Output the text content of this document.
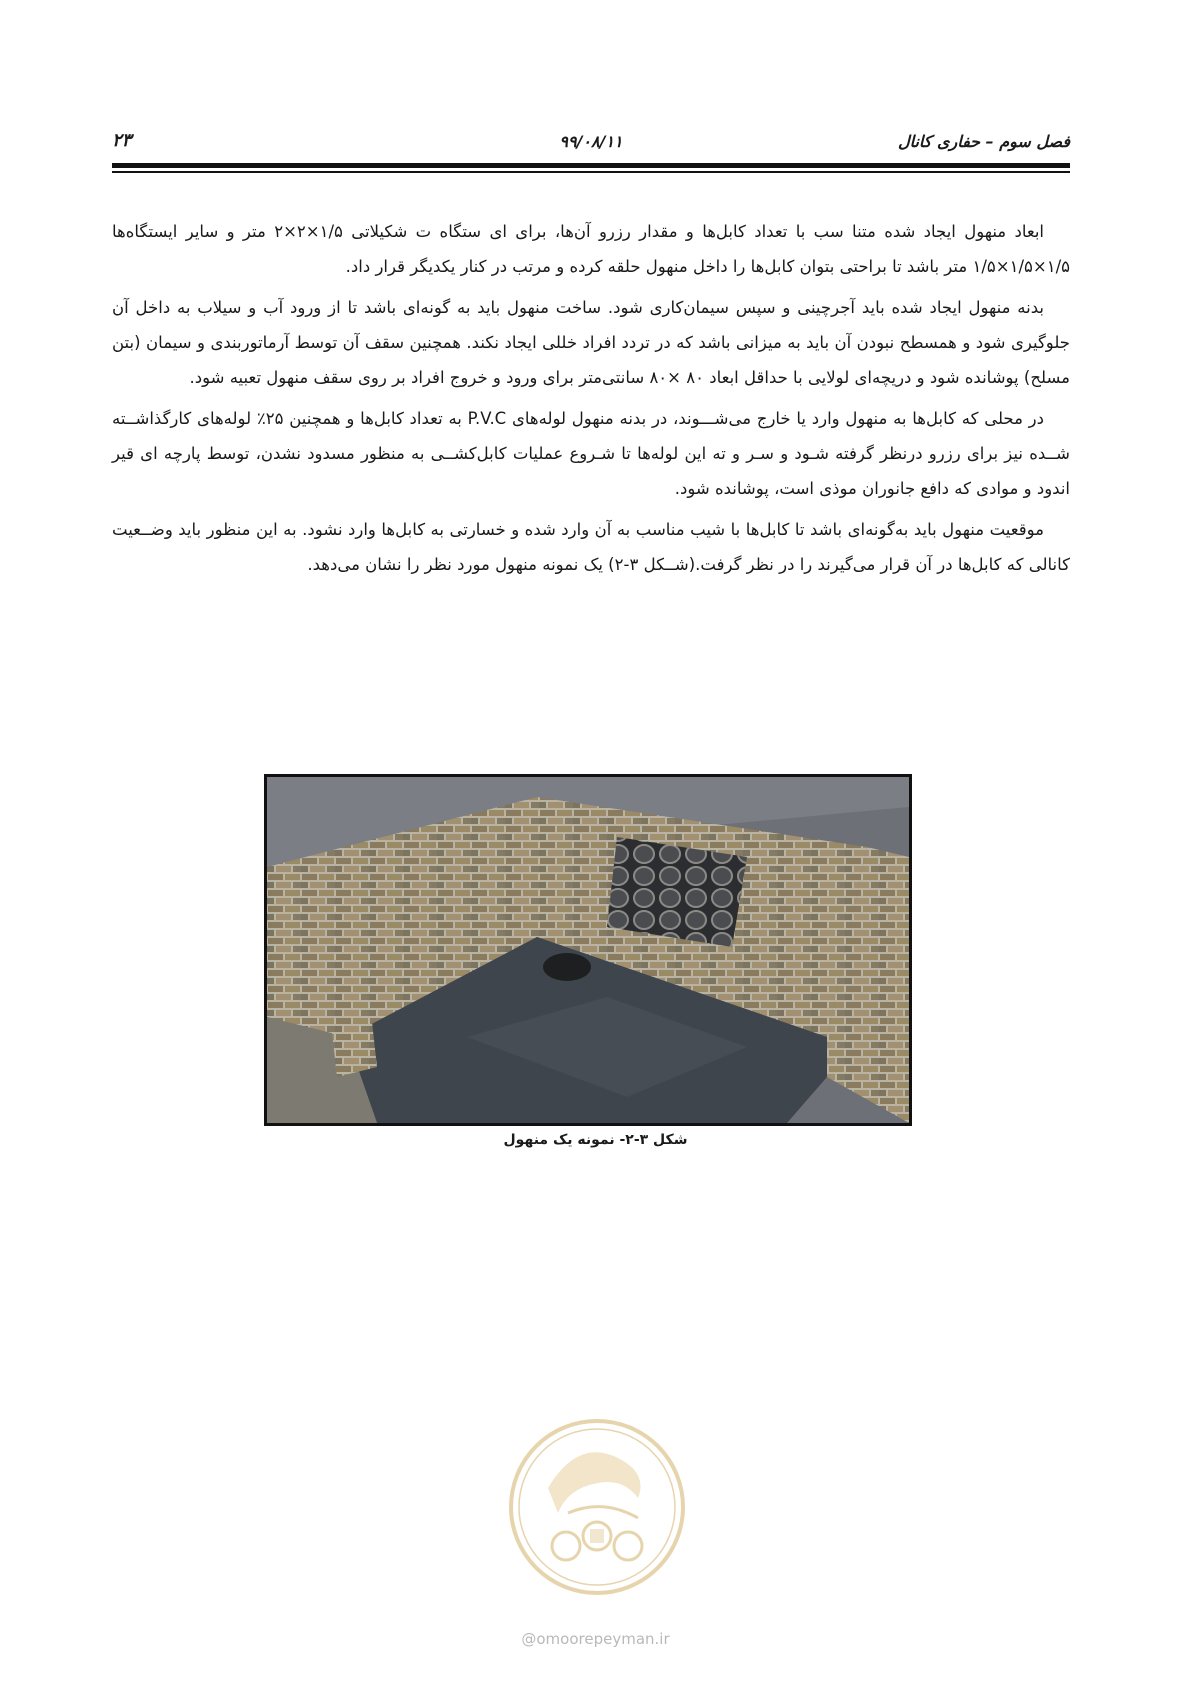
فصل سوم – حفاری کانال
۹۹/۰۸/۱۱
۲۳

ابعاد منهول ایجاد شده متنا سب با تعداد کابل‌ها و مقدار رزرو آن‌ها، برای ای ستگاه ت شکیلاتی ۱/۵×۲×۲ متر و سایر ایستگاه‌ها ۱/۵×۱/۵×۱/۵ متر باشد تا براحتی بتوان کابل‌ها را داخل منهول حلقه کرده و مرتب در کنار یکدیگر قرار داد.

بدنه منهول ایجاد شده باید آجرچینی و سپس سیمان‌کاری شود. ساخت منهول باید به گونه‌ای باشد تا از ورود آب و سیلاب به داخل آن جلوگیری شود و همسطح نبودن آن باید به میزانی باشد که در تردد افراد خللی ایجاد نکند. همچنین سقف آن توسط آرماتوربندی و سیمان (بتن مسلح) پوشانده شود و دریچه‌ای لولایی با حداقل ابعاد ۸۰ ×۸۰ سانتی‌متر برای ورود و خروج افراد بر روی سقف منهول تعبیه شود.

در محلی که کابل‌ها به منهول وارد یا خارج می‌شـــوند، در بدنه منهول لوله‌های P.V.C به تعداد کابل‌ها و همچنین ۲۵٪ لوله‌های کارگذاشــته شــده نیز برای رزرو درنظر گرفته شـود و سـر و ته این لوله‌ها تا شـروع عملیات کابل‌کشــی به منظور مسدود نشدن، توسط پارچه ای قیر اندود و موادی که دافع جانوران موذی است، پوشانده شود.

موقعیت منهول باید به‌گونه‌ای باشد تا کابل‌ها با شیب مناسب به آن وارد شده و خسارتی به کابل‌ها وارد نشود. به این منظور باید وضــعیت کانالی که کابل‌ها در آن قرار می‌گیرند را در نظر گرفت.(شــکل ۳-۲) یک نمونه منهول مورد نظر را نشان می‌دهد.

شکل ۳-۲- نمونه یک منهول
@omoorepeyman.ir
